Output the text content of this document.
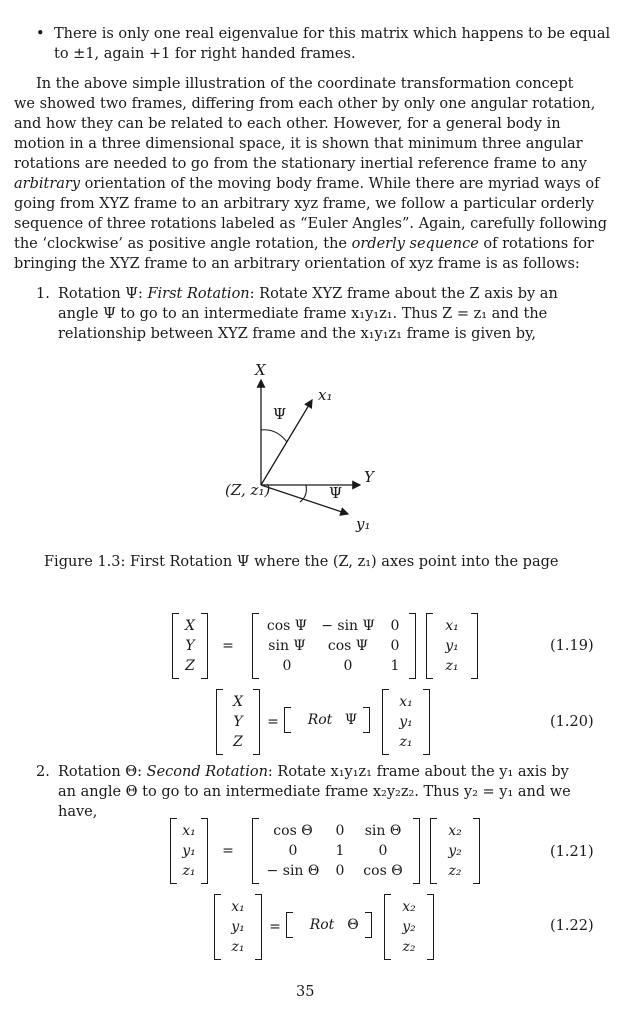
• There is only one real eigenvalue for this matrix which happens to be equal
to ±1, again +1 for right handed frames.
In the above simple illustration of the coordinate transformation concept
we showed two frames, differing from each other by only one angular rotation,
and how they can be related to each other. However, for a general body in
motion in a three dimensional space, it is shown that minimum three angular
rotations are needed to go from the stationary inertial reference frame to any
arbitrary orientation of the moving body frame. While there are myriad ways of
going from XYZ frame to an arbitrary xyz frame, we follow a particular orderly
sequence of three rotations labeled as “Euler Angles”. Again, carefully following
the ‘clockwise’ as positive angle rotation, the orderly sequence of rotations for
bringing the XYZ frame to an arbitrary orientation of xyz frame is as follows:
1. Rotation Ψ: First Rotation: Rotate XYZ frame about the Z axis by an
angle Ψ to go to an intermediate frame x₁y₁z₁. Thus Z = z₁ and the
relationship between XYZ frame and the x₁y₁z₁ frame is given by,
X
x₁
Ψ
Y
(Z, z₁)	Ψ
y₁
Figure 1.3: First Rotation Ψ where the (Z, z₁) axes point into the page
X
Y
Z
=
cos Ψ	− sin Ψ	0
sin Ψ	cos Ψ	0
0	0	1
x₁
y₁
z₁
(1.19)
X
Y
Z
=	Rot Ψ
x₁
y₁
z₁
(1.20)
2. Rotation Θ: Second Rotation: Rotate x₁y₁z₁ frame about the y₁ axis by
an angle Θ to go to an intermediate frame x₂y₂z₂. Thus y₂ = y₁ and we
have,
x₁
y₁
z₁
=
cos Θ	0	sin Θ
0	1	0
− sin Θ	0	cos Θ
x₂
y₂
z₂
(1.21)
x₁
y₁
z₁
=	Rot Θ
x₂
y₂
z₂
(1.22)
35
